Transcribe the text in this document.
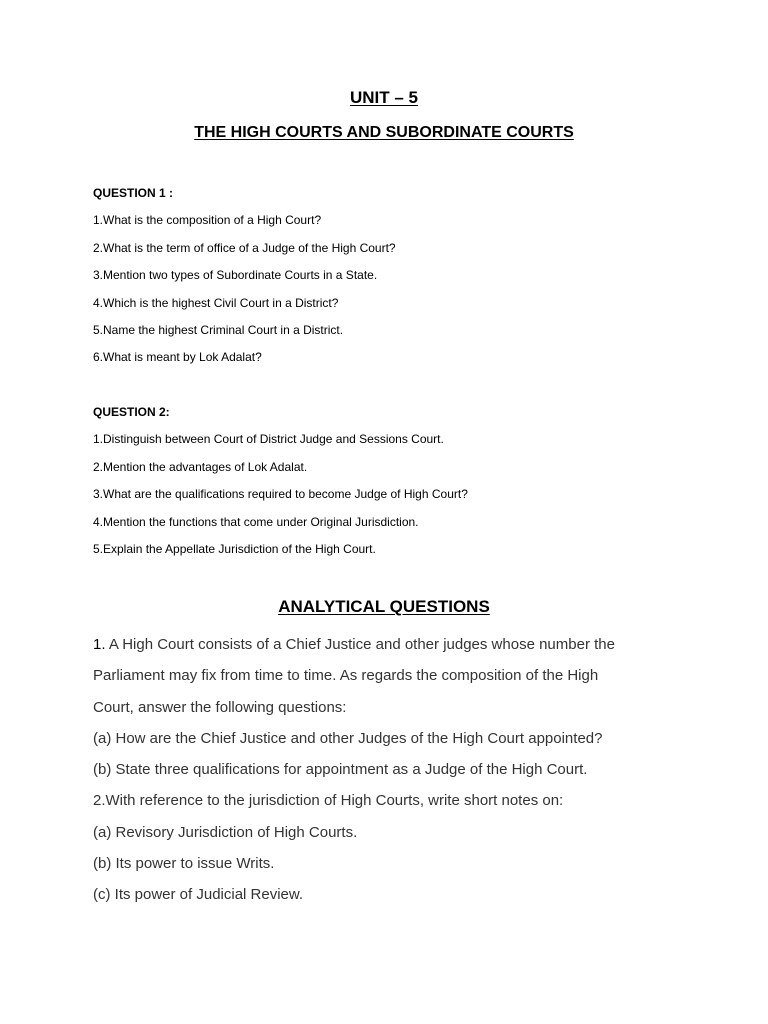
UNIT – 5
THE HIGH COURTS AND SUBORDINATE COURTS
QUESTION 1 :
1.What is the composition of a High Court?
2.What is the term of office of a Judge of the High Court?
3.Mention two types of Subordinate Courts in a State.
4.Which is the highest Civil Court in a District?
5.Name the highest Criminal Court in a District.
6.What is meant by Lok Adalat?
QUESTION 2:
1.Distinguish between Court of District Judge and Sessions Court.
2.Mention the advantages of Lok Adalat.
3.What are the qualifications required to become Judge of High Court?
4.Mention the functions that come under Original Jurisdiction.
5.Explain the Appellate Jurisdiction of the High Court.
ANALYTICAL QUESTIONS

1. A High Court consists of a Chief Justice and other judges whose number the

Parliament may fix from time to time. As regards the composition of the High

Court, answer the following questions:

(a) How are the Chief Justice and other Judges of the High Court appointed?

(b) State three qualifications for appointment as a Judge of the High Court.

2.With reference to the jurisdiction of High Courts, write short notes on:

(a) Revisory Jurisdiction of High Courts.

(b) Its power to issue Writs.

(c) Its power of Judicial Review.
